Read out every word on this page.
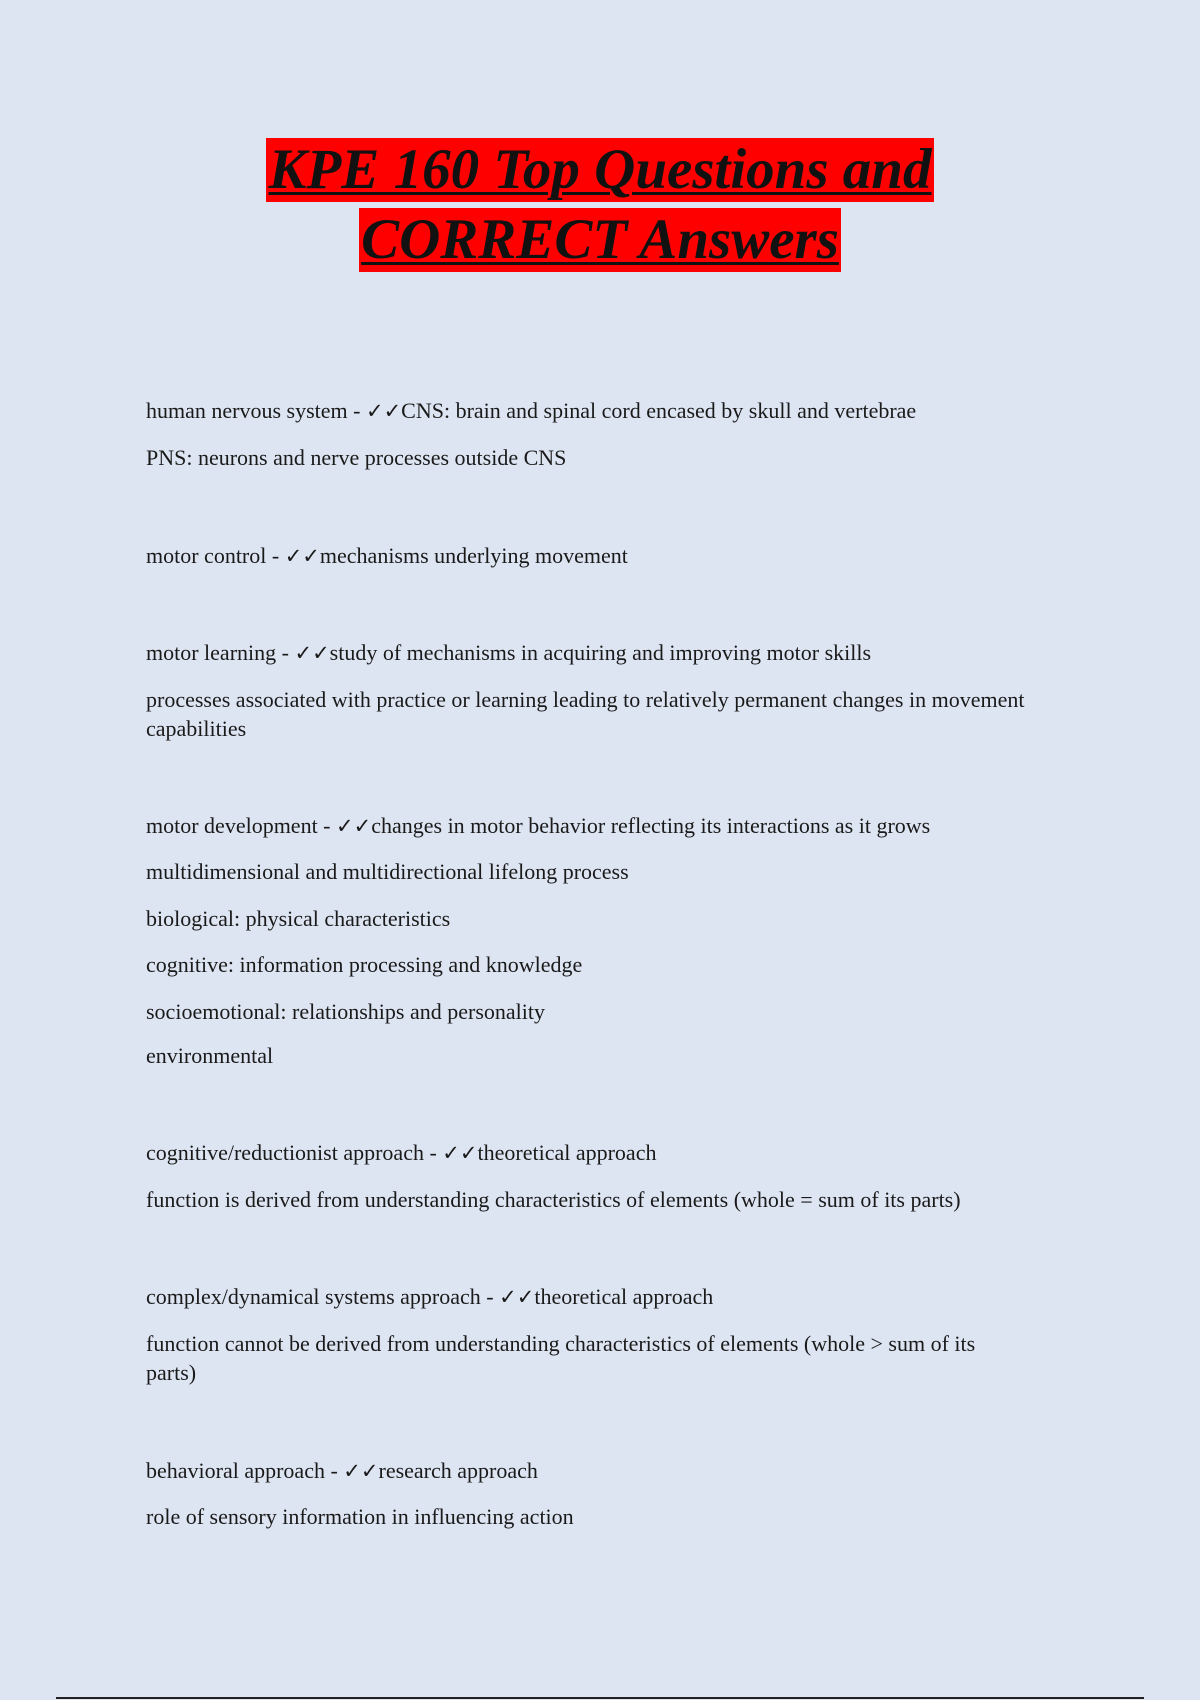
KPE 160 Top Questions and
CORRECT Answers
human nervous system - ✓✓CNS: brain and spinal cord encased by skull and vertebrae
PNS: neurons and nerve processes outside CNS
motor control - ✓✓mechanisms underlying movement
motor learning - ✓✓study of mechanisms in acquiring and improving motor skills
processes associated with practice or learning leading to relatively permanent changes in movement capabilities
motor development - ✓✓changes in motor behavior reflecting its interactions as it grows
multidimensional and multidirectional lifelong process
biological: physical characteristics
cognitive: information processing and knowledge
socioemotional: relationships and personality
environmental
cognitive/reductionist approach - ✓✓theoretical approach
function is derived from understanding characteristics of elements (whole = sum of its parts)
complex/dynamical systems approach - ✓✓theoretical approach
function cannot be derived from understanding characteristics of elements (whole > sum of its parts)
behavioral approach - ✓✓research approach
role of sensory information in influencing action
